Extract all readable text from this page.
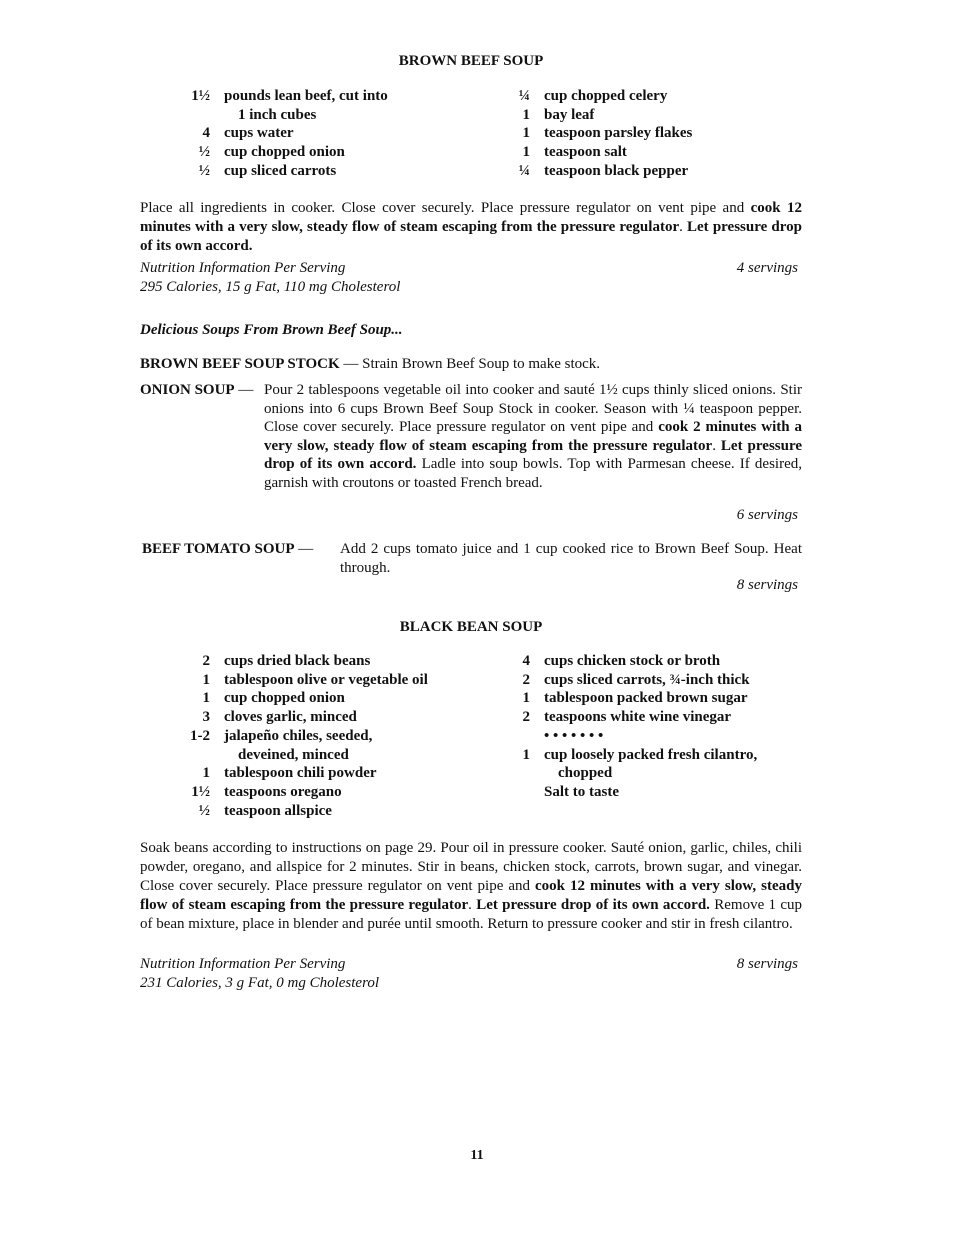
BROWN BEEF SOUP
1½ pounds lean beef, cut into
1 inch cubes
4 cups water
½ cup chopped onion
½ cup sliced carrots
¼ cup chopped celery
1 bay leaf
1 teaspoon parsley flakes
1 teaspoon salt
¼ teaspoon black pepper

Place all ingredients in cooker. Close cover securely. Place pressure regulator on vent pipe and cook 12 minutes with a very slow, steady flow of steam escaping from the pressure regulator. Let pressure drop of its own accord.

Nutrition Information Per Serving	4 servings
295 Calories, 15 g Fat, 110 mg Cholesterol
Delicious Soups From Brown Beef Soup...
BROWN BEEF SOUP STOCK — Strain Brown Beef Soup to make stock.
ONION SOUP — Pour 2 tablespoons vegetable oil into cooker and sauté 1½ cups thinly sliced onions. Stir onions into 6 cups Brown Beef Soup Stock in cooker. Season with ¼ teaspoon pepper. Close cover securely. Place pressure regulator on vent pipe and cook 2 minutes with a very slow, steady flow of steam escaping from the pressure regulator. Let pressure drop of its own accord. Ladle into soup bowls. Top with Parmesan cheese. If desired, garnish with croutons or toasted French bread.
6 servings
BEEF TOMATO SOUP —	Add 2 cups tomato juice and 1 cup cooked rice to Brown Beef Soup. Heat through.
8 servings
BLACK BEAN SOUP
2 cups dried black beans
1 tablespoon olive or vegetable oil
1 cup chopped onion
3 cloves garlic, minced
1-2 jalapeño chiles, seeded,
deveined, minced
1 tablespoon chili powder
1½ teaspoons oregano
½ teaspoon allspice
4 cups chicken stock or broth
2 cups sliced carrots, ¾-inch thick
1 tablespoon packed brown sugar
2 teaspoons white wine vinegar
• • • • • • •
1 cup loosely packed fresh cilantro,
chopped
Salt to taste

Soak beans according to instructions on page 29. Pour oil in pressure cooker. Sauté onion, garlic, chiles, chili powder, oregano, and allspice for 2 minutes. Stir in beans, chicken stock, carrots, brown sugar, and vinegar. Close cover securely. Place pressure regulator on vent pipe and cook 12 minutes with a very slow, steady flow of steam escaping from the pressure regulator. Let pressure drop of its own accord. Remove 1 cup of bean mixture, place in blender and purée until smooth. Return to pressure cooker and stir in fresh cilantro.

Nutrition Information Per Serving	8 servings
231 Calories, 3 g Fat, 0 mg Cholesterol
11
